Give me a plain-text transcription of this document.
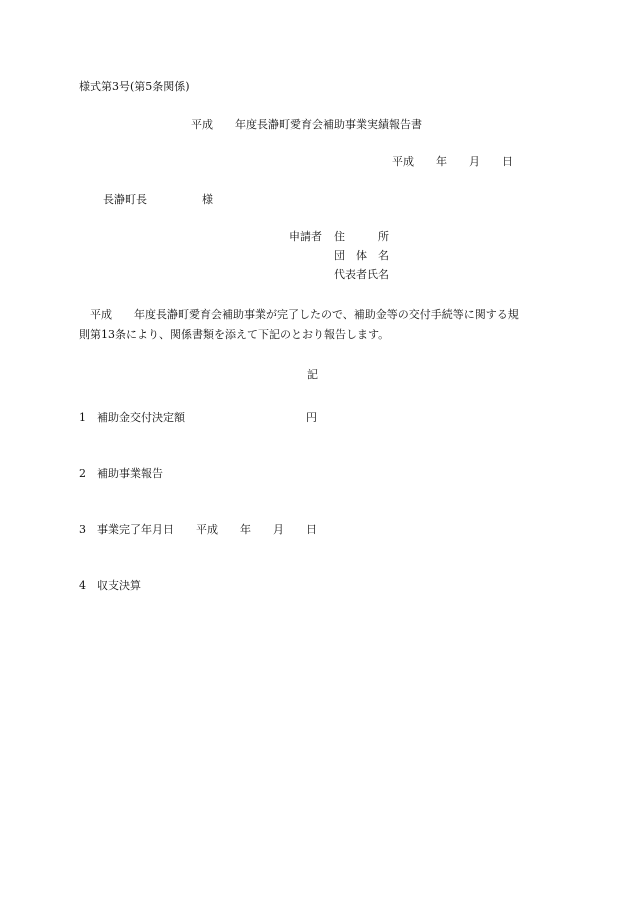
様式第3号(第5条関係)
平成　　年度長瀞町愛育会補助事業実績報告書
平成　　年　　月　　日
長瀞町長　　　　　様
申請者 住　　　所
団　体　名
代表者氏名
平成　　年度長瀞町愛育会補助事業が完了したので、補助金等の交付手続等に関する規
則第13条により、関係書類を添えて下記のとおり報告します。
記
1　補助金交付決定額　　　　　　　　　　　円
2　補助事業報告
3　事業完了年月日　　平成　　年　　月　　日
4　収支決算
